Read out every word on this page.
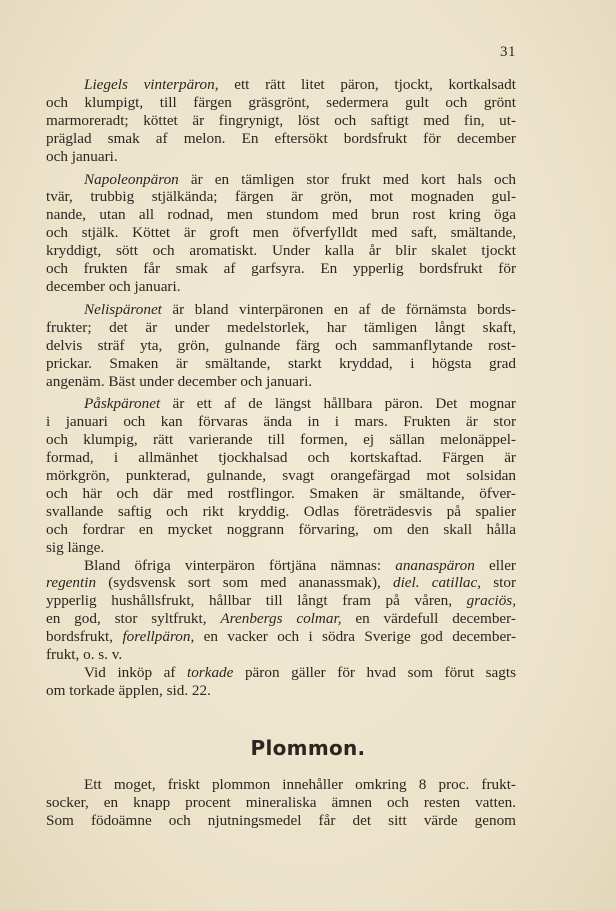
31
Liegels vinterpäron, ett rätt litet päron, tjockt, kortkalsadt
och klumpigt, till färgen gräsgrönt, sedermera gult och grönt
marmoreradt; köttet är fingrynigt, löst och saftigt med fin, ut-
präglad smak af melon. En eftersökt bordsfrukt för december
och januari.
Napoleonpäron är en tämligen stor frukt med kort hals och
tvär, trubbig stjälkända; färgen är grön, mot mognaden gul-
nande, utan all rodnad, men stundom med brun rost kring öga
och stjälk. Köttet är groft men öfverfylldt med saft, smältande,
kryddigt, sött och aromatiskt. Under kalla år blir skalet tjockt
och frukten får smak af garfsyra. En ypperlig bordsfrukt för
december och januari.
Nelispäronet är bland vinterpäronen en af de förnämsta bords-
frukter; det är under medelstorlek, har tämligen långt skaft,
delvis sträf yta, grön, gulnande färg och sammanflytande rost-
prickar. Smaken är smältande, starkt kryddad, i högsta grad
angenäm. Bäst under december och januari.
Påskpäronet är ett af de längst hållbara päron. Det mognar
i januari och kan förvaras ända in i mars. Frukten är stor
och klumpig, rätt varierande till formen, ej sällan melonäppel-
formad, i allmänhet tjockhalsad och kortskaftad. Färgen är
mörkgrön, punkterad, gulnande, svagt orangefärgad mot solsidan
och här och där med rostflingor. Smaken är smältande, öfver-
svallande saftig och rikt kryddig. Odlas företrädesvis på spalier
och fordrar en mycket noggrann förvaring, om den skall hålla
sig länge.
Bland öfriga vinterpäron förtjäna nämnas: ananaspäron eller
regentin (sydsvensk sort som med ananassmak), diel. catillac, stor
ypperlig hushållsfrukt, hållbar till långt fram på våren, graciös,
en god, stor syltfrukt, Arenbergs colmar, en värdefull december-
bordsfrukt, forellpäron, en vacker och i södra Sverige god december-
frukt, o. s. v.
Vid inköp af torkade päron gäller för hvad som förut sagts
om torkade äpplen, sid. 22.
Plommon.
Ett moget, friskt plommon innehåller omkring 8 proc. frukt-
socker, en knapp procent mineraliska ämnen och resten vatten.
Som födoämne och njutningsmedel får det sitt värde genom
